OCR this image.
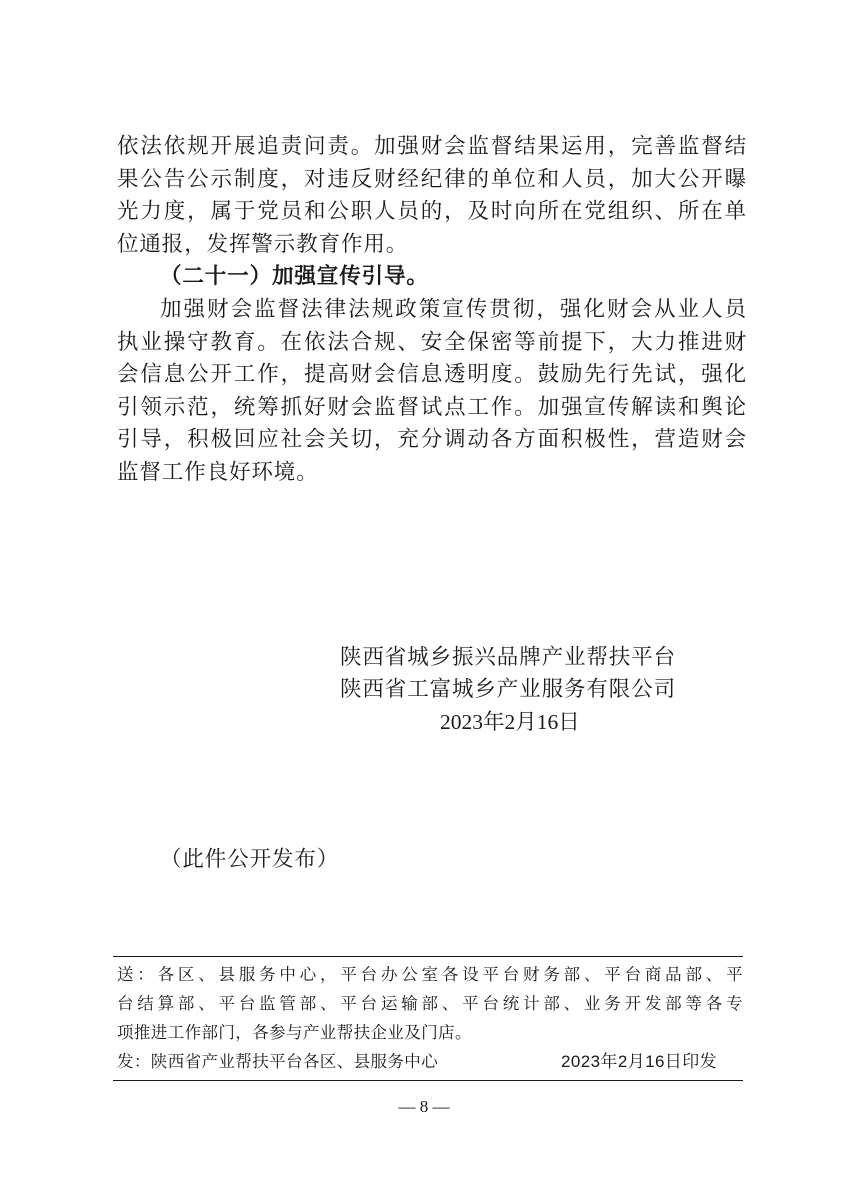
依法依规开展追责问责。加强财会监督结果运用，完善监督结
果公告公示制度，对违反财经纪律的单位和人员，加大公开曝
光力度，属于党员和公职人员的，及时向所在党组织、所在单
位通报，发挥警示教育作用。
（二十一）加强宣传引导。
加强财会监督法律法规政策宣传贯彻，强化财会从业人员
执业操守教育。在依法合规、安全保密等前提下，大力推进财
会信息公开工作，提高财会信息透明度。鼓励先行先试，强化
引领示范，统筹抓好财会监督试点工作。加强宣传解读和舆论
引导，积极回应社会关切，充分调动各方面积极性，营造财会
监督工作良好环境。
陕西省城乡振兴品牌产业帮扶平台
陕西省工富城乡产业服务有限公司
2023年2月16日
（此件公开发布）
送：各区、县服务中心，平台办公室各设平台财务部、平台商品部、平
台结算部、平台监管部、平台运输部、平台统计部、业务开发部等各专
项推进工作部门，各参与产业帮扶企业及门店。
发：陕西省产业帮扶平台各区、县服务中心	2023年2月16日印发
— 8 —
